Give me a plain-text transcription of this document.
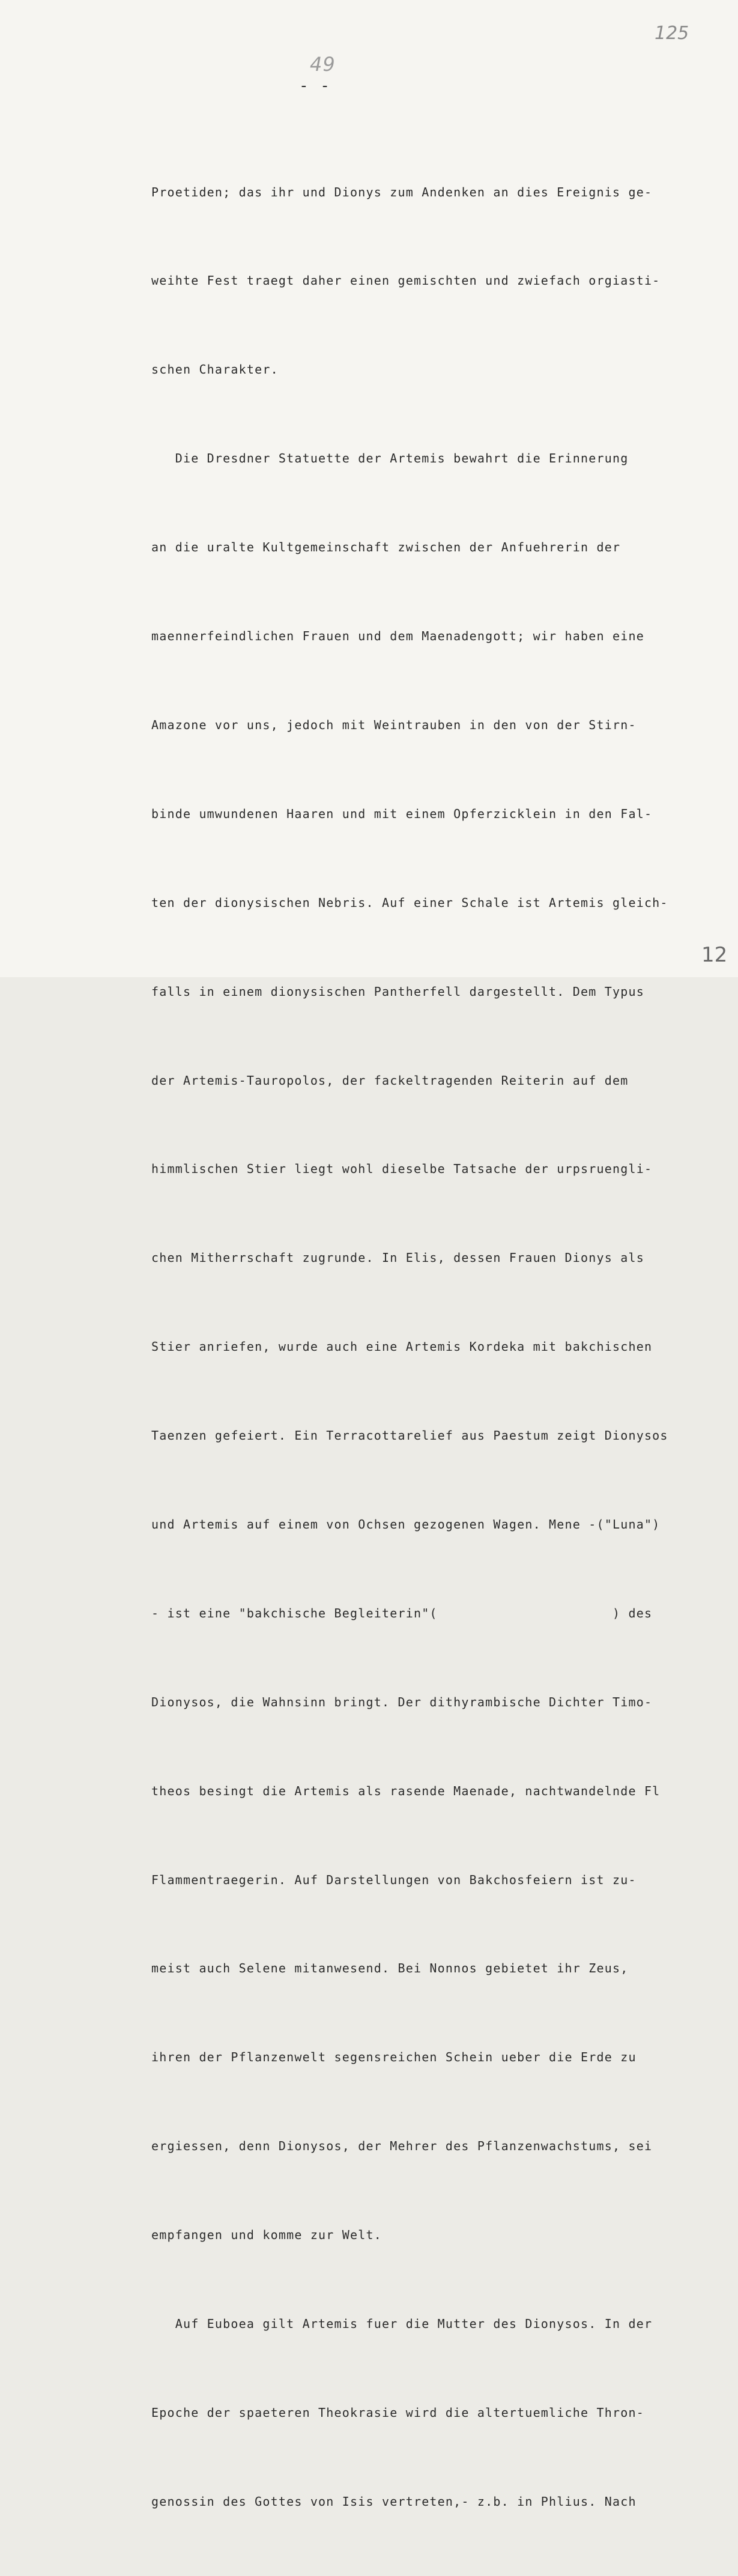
125
49
- -

Proetiden; das ihr und Dionys zum Andenken an dies Ereignis ge-

weihte Fest traegt daher einen gemischten und zwiefach orgiasti-

schen Charakter.

Die Dresdner Statuette der Artemis bewahrt die Erinnerung

an die uralte Kultgemeinschaft zwischen der Anfuehrerin der

maennerfeindlichen Frauen und dem Maenadengott; wir haben eine

Amazone vor uns, jedoch mit Weintrauben in den von der Stirn-

binde umwundenen Haaren und mit einem Opferzicklein in den Fal-

ten der dionysischen Nebris. Auf einer Schale ist Artemis gleich-

falls in einem dionysischen Pantherfell dargestellt. Dem Typus

der Artemis-Tauropolos, der fackeltragenden Reiterin auf dem

himmlischen Stier liegt wohl dieselbe Tatsache der urpsruengli-

chen Mitherrschaft zugrunde. In Elis, dessen Frauen Dionys als

Stier anriefen, wurde auch eine Artemis Kordeka mit bakchischen

Taenzen gefeiert. Ein Terracottarelief aus Paestum zeigt Dionysos

und Artemis auf einem von Ochsen gezogenen Wagen. Mene -("Luna")

- ist eine "bakchische Begleiterin"(                      ) des

Dionysos, die Wahnsinn bringt. Der dithyrambische Dichter Timo-

theos besingt die Artemis als rasende Maenade, nachtwandelnde Fl

Flammentraegerin. Auf Darstellungen von Bakchosfeiern ist zu-

meist auch Selene mitanwesend. Bei Nonnos gebietet ihr Zeus,

ihren der Pflanzenwelt segensreichen Schein ueber die Erde zu

ergiessen, denn Dionysos, der Mehrer des Pflanzenwachstums, sei

empfangen und komme zur Welt.

Auf Euboea gilt Artemis fuer die Mutter des Dionysos. In der

Epoche der spaeteren Theokrasie wird die altertuemliche Thron-

genossin des Gottes von Isis vertreten,- z.b. in Phlius. Nach

12
